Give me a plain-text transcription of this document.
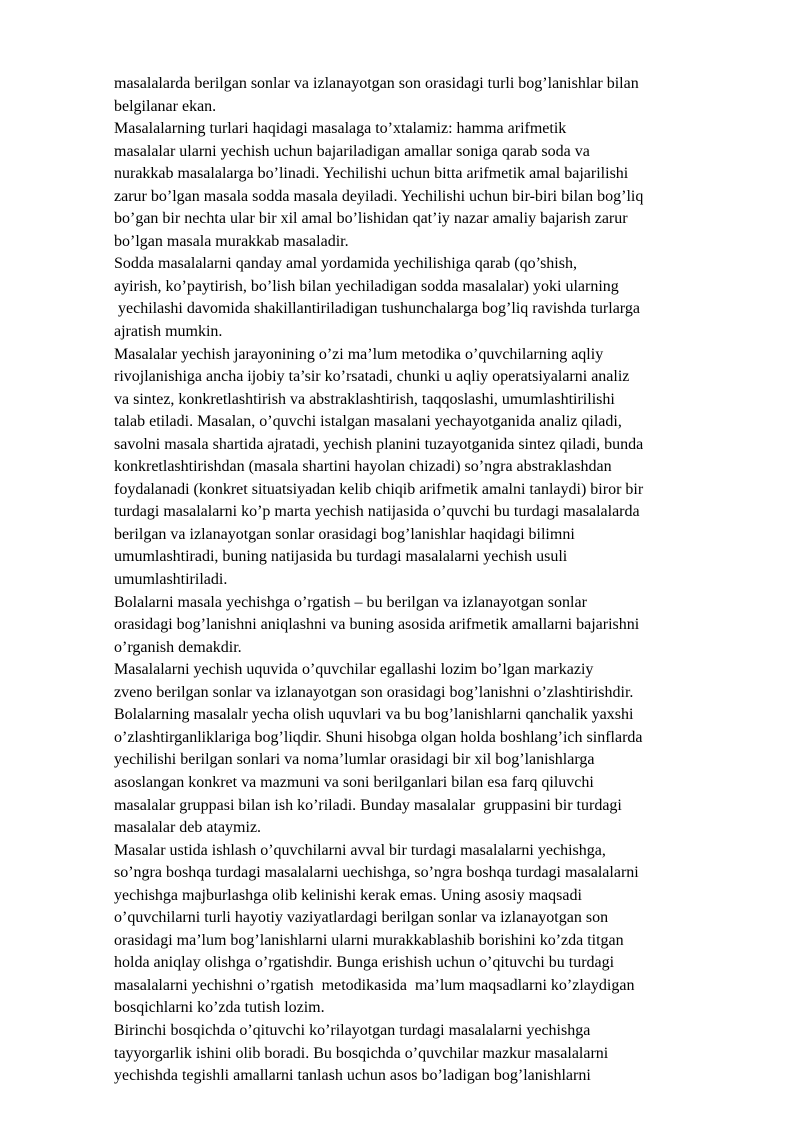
masalalarda berilgan sonlar va izlanayotgan son orasidagi turli bog’lanishlar bilan

belgilanar ekan.

Masalalarning turlari haqidagi masalaga to’xtalamiz: hamma arifmetik

masalalar ularni yechish uchun bajariladigan amallar soniga qarab soda va

nurakkab masalalarga bo’linadi. Yechilishi uchun bitta arifmetik amal bajarilishi

zarur bo’lgan masala sodda masala deyiladi. Yechilishi uchun bir-biri bilan bog’liq

bo’gan bir nechta ular bir xil amal bo’lishidan qat’iy nazar amaliy bajarish zarur

bo’lgan masala murakkab masaladir.

Sodda masalalarni qanday amal yordamida yechilishiga qarab (qo’shish,

ayirish, ko’paytirish, bo’lish bilan yechiladigan sodda masalalar) yoki ularning

yechilashi davomida shakillantiriladigan tushunchalarga bog’liq ravishda turlarga

ajratish mumkin.

Masalalar yechish jarayonining o’zi ma’lum metodika o’quvchilarning aqliy

rivojlanishiga ancha ijobiy ta’sir ko’rsatadi, chunki u aqliy operatsiyalarni analiz

va sintez, konkretlashtirish va abstraklashtirish, taqqoslashi, umumlashtirilishi

talab etiladi. Masalan, o’quvchi istalgan masalani yechayotganida analiz qiladi,

savolni masala shartida ajratadi, yechish planini tuzayotganida sintez qiladi, bunda

konkretlashtirishdan (masala shartini hayolan chizadi) so’ngra abstraklashdan

foydalanadi (konkret situatsiyadan kelib chiqib arifmetik amalni tanlaydi) biror bir

turdagi masalalarni ko’p marta yechish natijasida o’quvchi bu turdagi masalalarda

berilgan va izlanayotgan sonlar orasidagi bog’lanishlar haqidagi bilimni

umumlashtiradi, buning natijasida bu turdagi masalalarni yechish usuli

umumlashtiriladi.

Bolalarni masala yechishga o’rgatish – bu berilgan va izlanayotgan sonlar

orasidagi bog’lanishni aniqlashni va buning asosida arifmetik amallarni bajarishni

o’rganish demakdir.

Masalalarni yechish uquvida o’quvchilar egallashi lozim bo’lgan markaziy

zveno berilgan sonlar va izlanayotgan son orasidagi bog’lanishni o’zlashtirishdir.

Bolalarning masalalr yecha olish uquvlari va bu bog’lanishlarni qanchalik yaxshi

o’zlashtirganliklariga bog’liqdir. Shuni hisobga olgan holda boshlang’ich sinflarda

yechilishi berilgan sonlari va noma’lumlar orasidagi bir xil bog’lanishlarga

asoslangan konkret va mazmuni va soni berilganlari bilan esa farq qiluvchi

masalalar gruppasi bilan ish ko’riladi. Bunday masalalar  gruppasini bir turdagi

masalalar deb ataymiz.

Masalar ustida ishlash o’quvchilarni avval bir turdagi masalalarni yechishga,

so’ngra boshqa turdagi masalalarni uechishga, so’ngra boshqa turdagi masalalarni

yechishga majburlashga olib kelinishi kerak emas. Uning asosiy maqsadi

o’quvchilarni turli hayotiy vaziyatlardagi berilgan sonlar va izlanayotgan son

orasidagi ma’lum bog’lanishlarni ularni murakkablashib borishini ko’zda titgan

holda aniqlay olishga o’rgatishdir. Bunga erishish uchun o’qituvchi bu turdagi

masalalarni yechishni o’rgatish  metodikasida  ma’lum maqsadlarni ko’zlaydigan

bosqichlarni ko’zda tutish lozim.

Birinchi bosqichda o’qituvchi ko’rilayotgan turdagi masalalarni yechishga

tayyorgarlik ishini olib boradi. Bu bosqichda o’quvchilar mazkur masalalarni

yechishda tegishli amallarni tanlash uchun asos bo’ladigan bog’lanishlarni
